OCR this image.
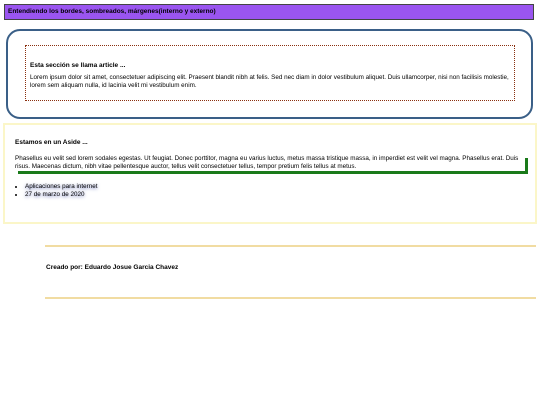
Entendiendo los bordes, sombreados, márgenes(interno y externo)
Esta sección se llama article ...

Lorem ipsum dolor sit amet, consectetuer adipiscing elit. Praesent blandit nibh at felis. Sed nec diam in dolor vestibulum aliquet. Duis ullamcorper, nisi non facilisis molestie, lorem sem aliquam nulla, id lacinia velit mi vestibulum enim.

Estamos en un Aside ...

Phasellus eu velit sed lorem sodales egestas. Ut feugiat. Donec porttitor, magna eu varius luctus, metus massa tristique massa, in imperdiet est velit vel magna. Phasellus erat. Duis risus. Maecenas dictum, nibh vitae pellentesque auctor, tellus velit consectetuer tellus, tempor pretium felis tellus at metus.

• Aplicaciones para internet
• 27 de marzo de 2020
Creado por: Eduardo Josue Garcia Chavez
